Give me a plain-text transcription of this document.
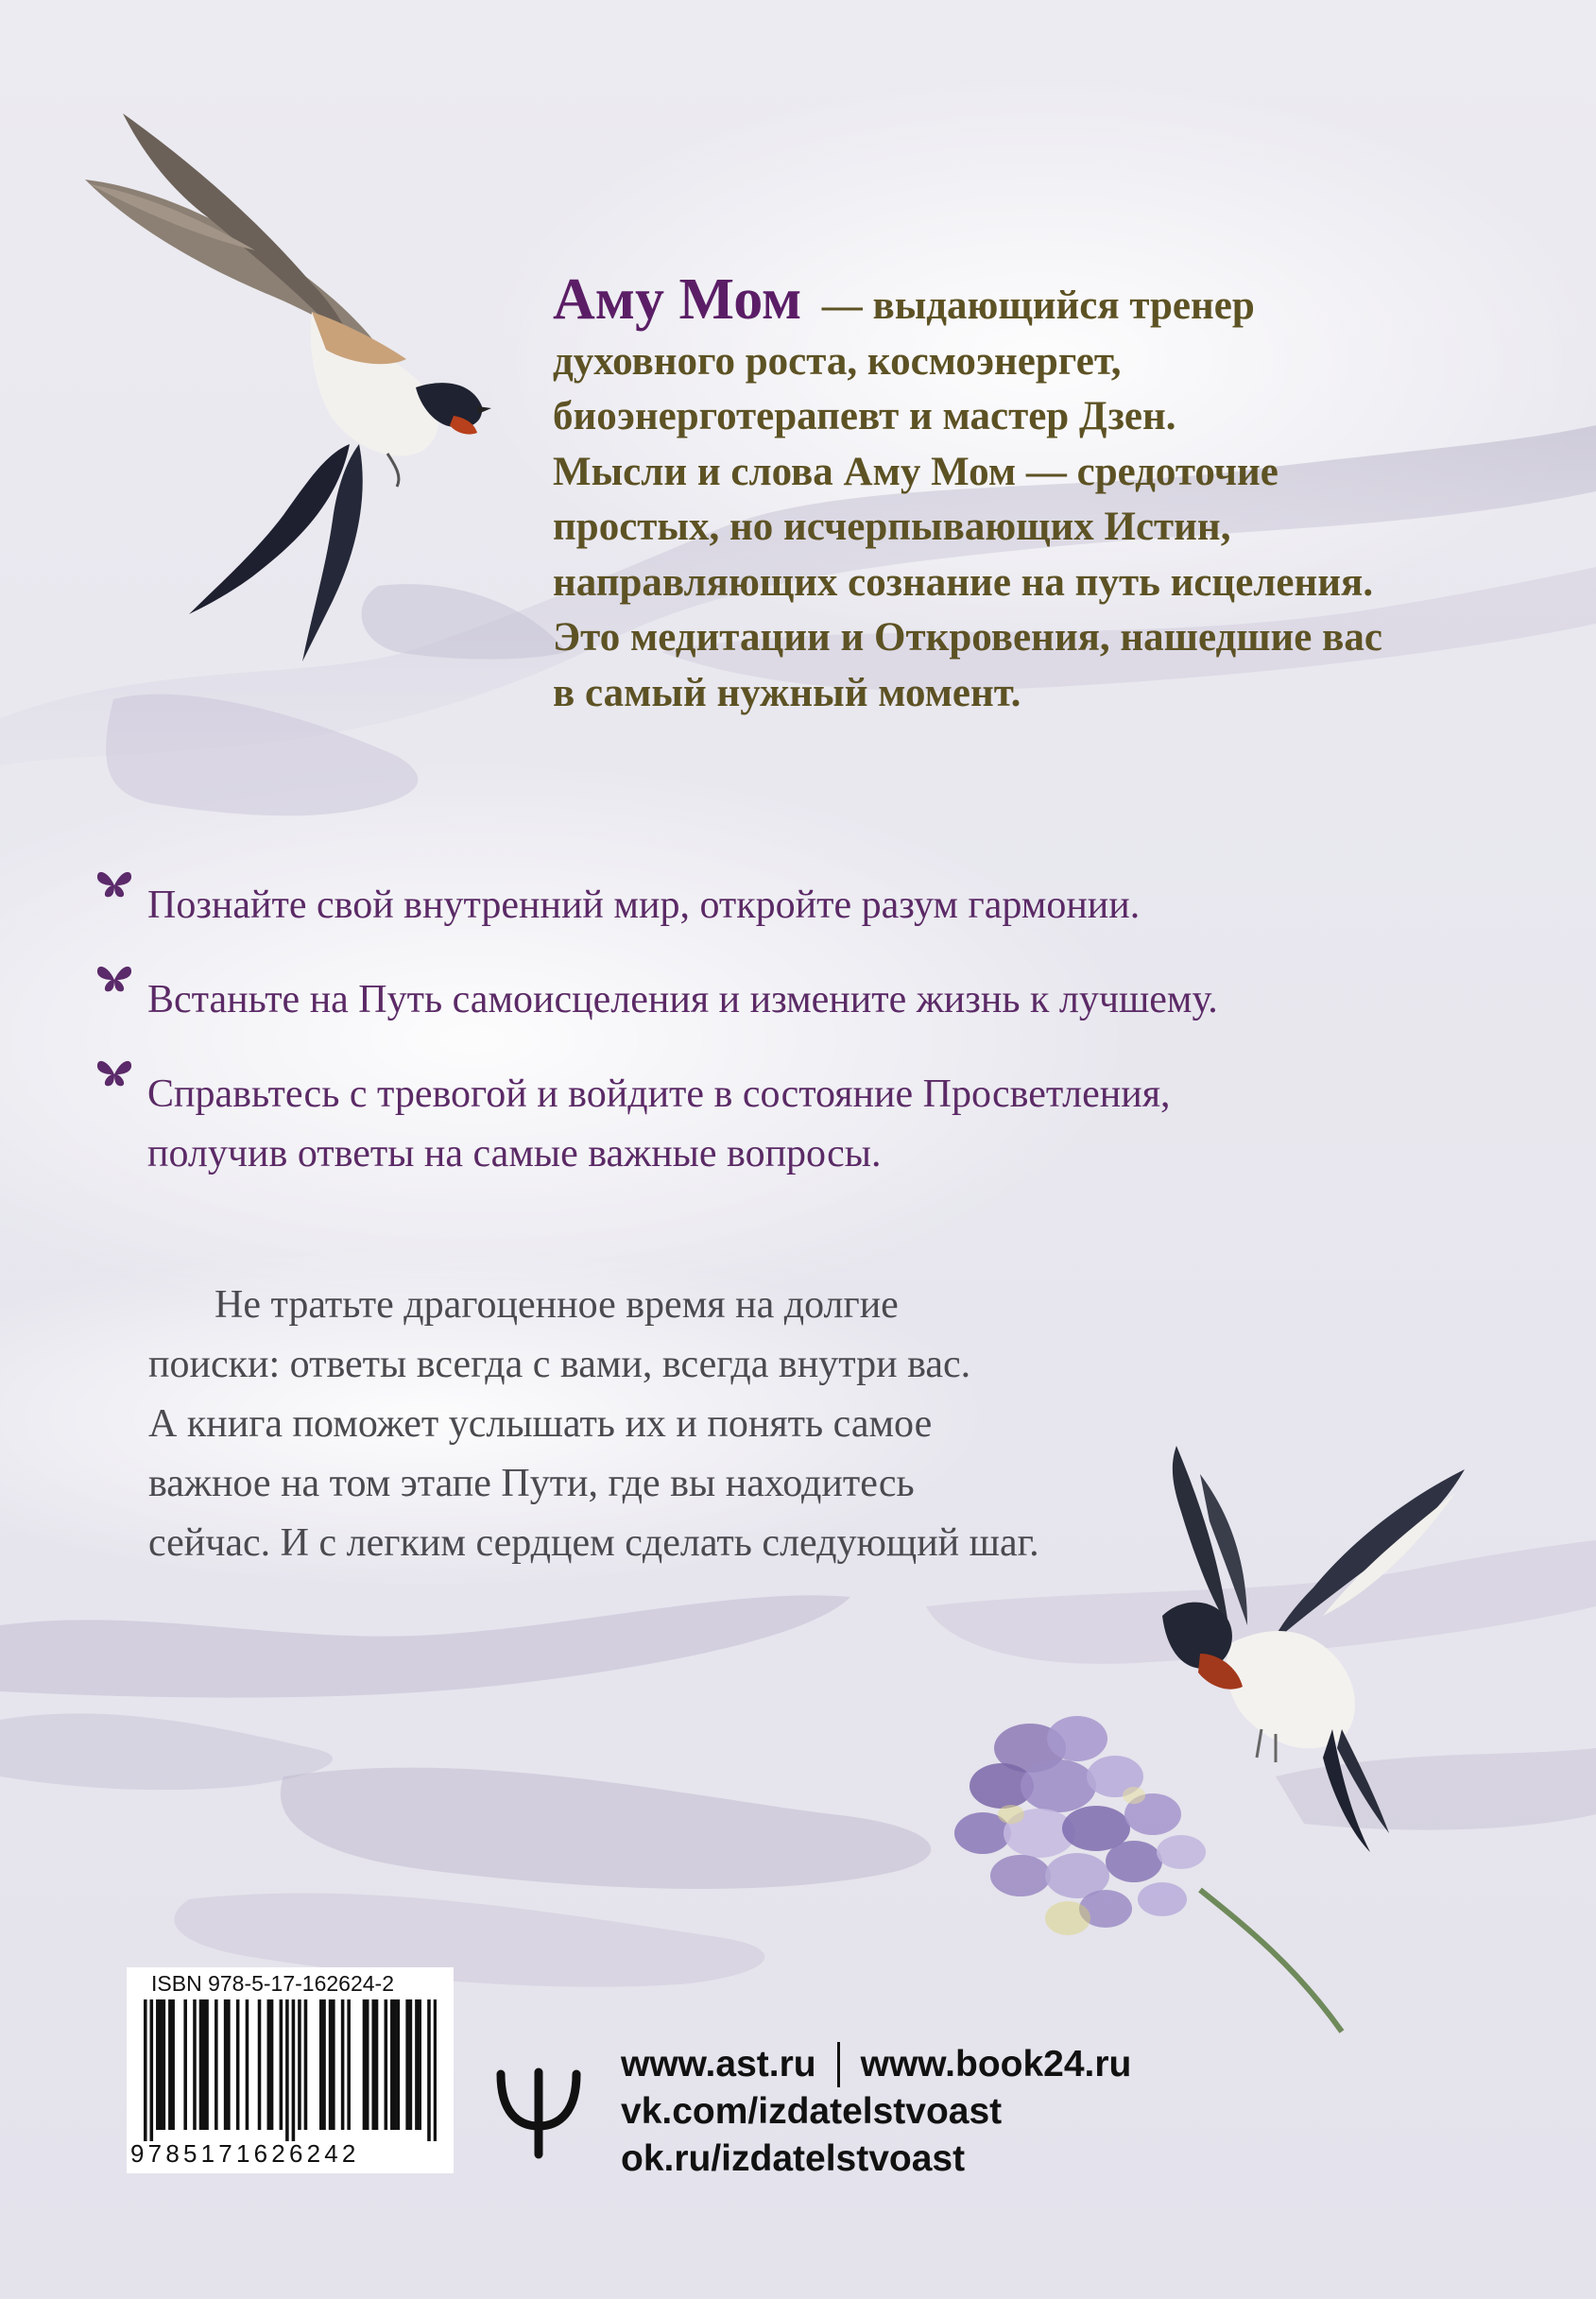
Аму Мом — выдающийся тренер

духовного роста, космоэнергет,

биоэнерготерапевт и мастер Дзен.

Мысли и слова Аму Мом — средоточие

простых, но исчерпывающих Истин,

направляющих сознание на путь исцеления.

Это медитации и Откровения, нашедшие вас

в самый нужный момент.

Познайте свой внутренний мир, откройте разум гармонии.
Встаньте на Путь самоисцеления и измените жизнь к лучшему.
Справьтесь с тревогой и войдите в состояние Просветления,
получив ответы на самые важные вопросы.

Не тратьте драгоценное время на долгие

поиски: ответы всегда с вами, всегда внутри вас.

А книга поможет услышать их и понять самое

важное на том этапе Пути, где вы находитесь

сейчас. И с легким сердцем сделать следующий шаг.

ISBN 978-5-17-162624-2
9785171626242
www.ast.ru www.book24.ru
vk.com/izdatelstvoast
ok.ru/izdatelstvoast
